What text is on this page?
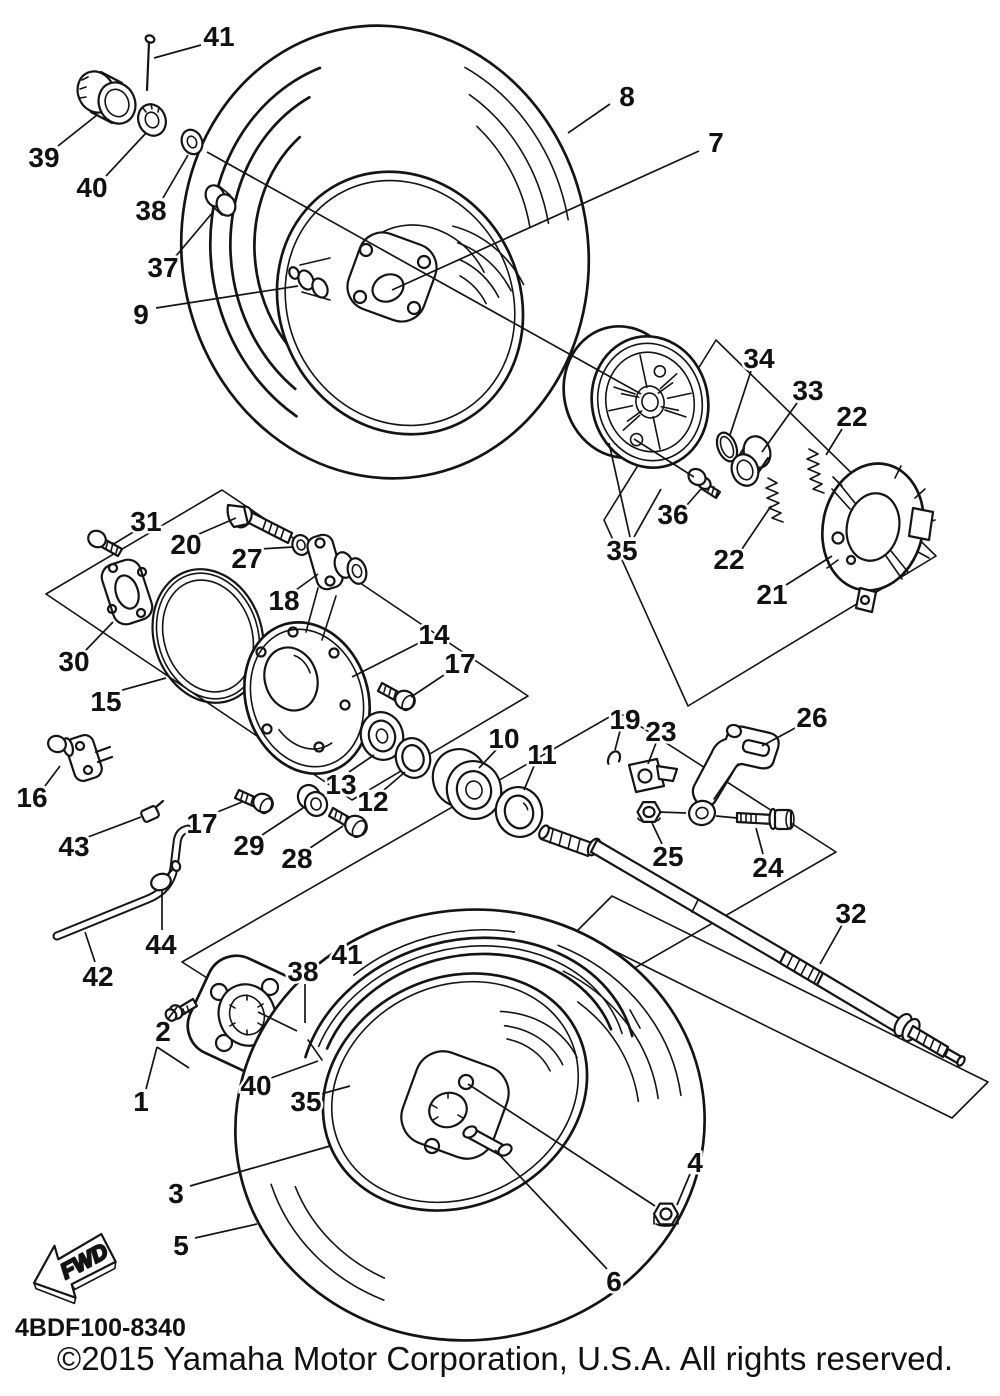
41
39
40
38
37
9
8
7
34
33
22
36
35	22
21
31
20 27
18
30
15
14
17
16	13
12
29 28
17
10
11
19 23	26
25 24
32
43
44
42
2
1
38
41
40
35
3
5
6
4
FWD
4BDF100-8340
©2015 Yamaha Motor Corporation, U.S.A. All rights reserved.
